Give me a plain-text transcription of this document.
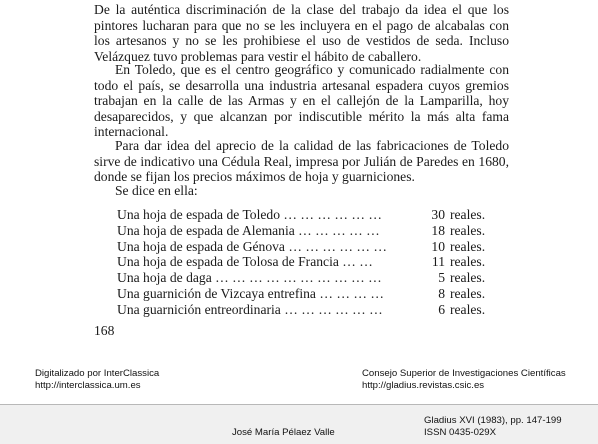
De la auténtica discriminación de la clase del trabajo da idea el que los pintores lucharan para que no se les incluyera en el pago de alcabalas con los artesanos y no se les prohibiese el uso de vestidos de seda. Incluso Velázquez tuvo problemas para vestir el hábito de caballero.

En Toledo, que es el centro geográfico y comunicado radialmente con todo el país, se desarrolla una industria artesanal espadera cuyos gremios trabajan en la calle de las Armas y en el callejón de la Lamparilla, hoy desaparecidos, y que alcanzan por indiscutible mérito la más alta fama internacional.

Para dar idea del aprecio de la calidad de las fabricaciones de Toledo sirve de indicativo una Cédula Real, impresa por Julián de Paredes en 1680, donde se fijan los precios máximos de hoja y guarniciones.

Se dice en ella:

Una hoja de espada de Toledo … … … … … …	30 reales.
Una hoja de espada de Alemania … … … … …	18 reales.
Una hoja de espada de Génova … … … … … …	10 reales.
Una hoja de espada de Tolosa de Francia … …	11 reales.
Una hoja de daga … … … … … … … … … …	5 reales.
Una guarnición de Vizcaya entrefina … … … …	8 reales.
Una guarnición entreordinaria … … … … … …	6 reales.
168
Digitalizado por InterClassica
http://interclassica.um.es
Consejo Superior de Investigaciones Científicas
http://gladius.revistas.csic.es
José María Pélaez Valle
Gladius XVI (1983), pp. 147-199
ISSN 0435-029X
